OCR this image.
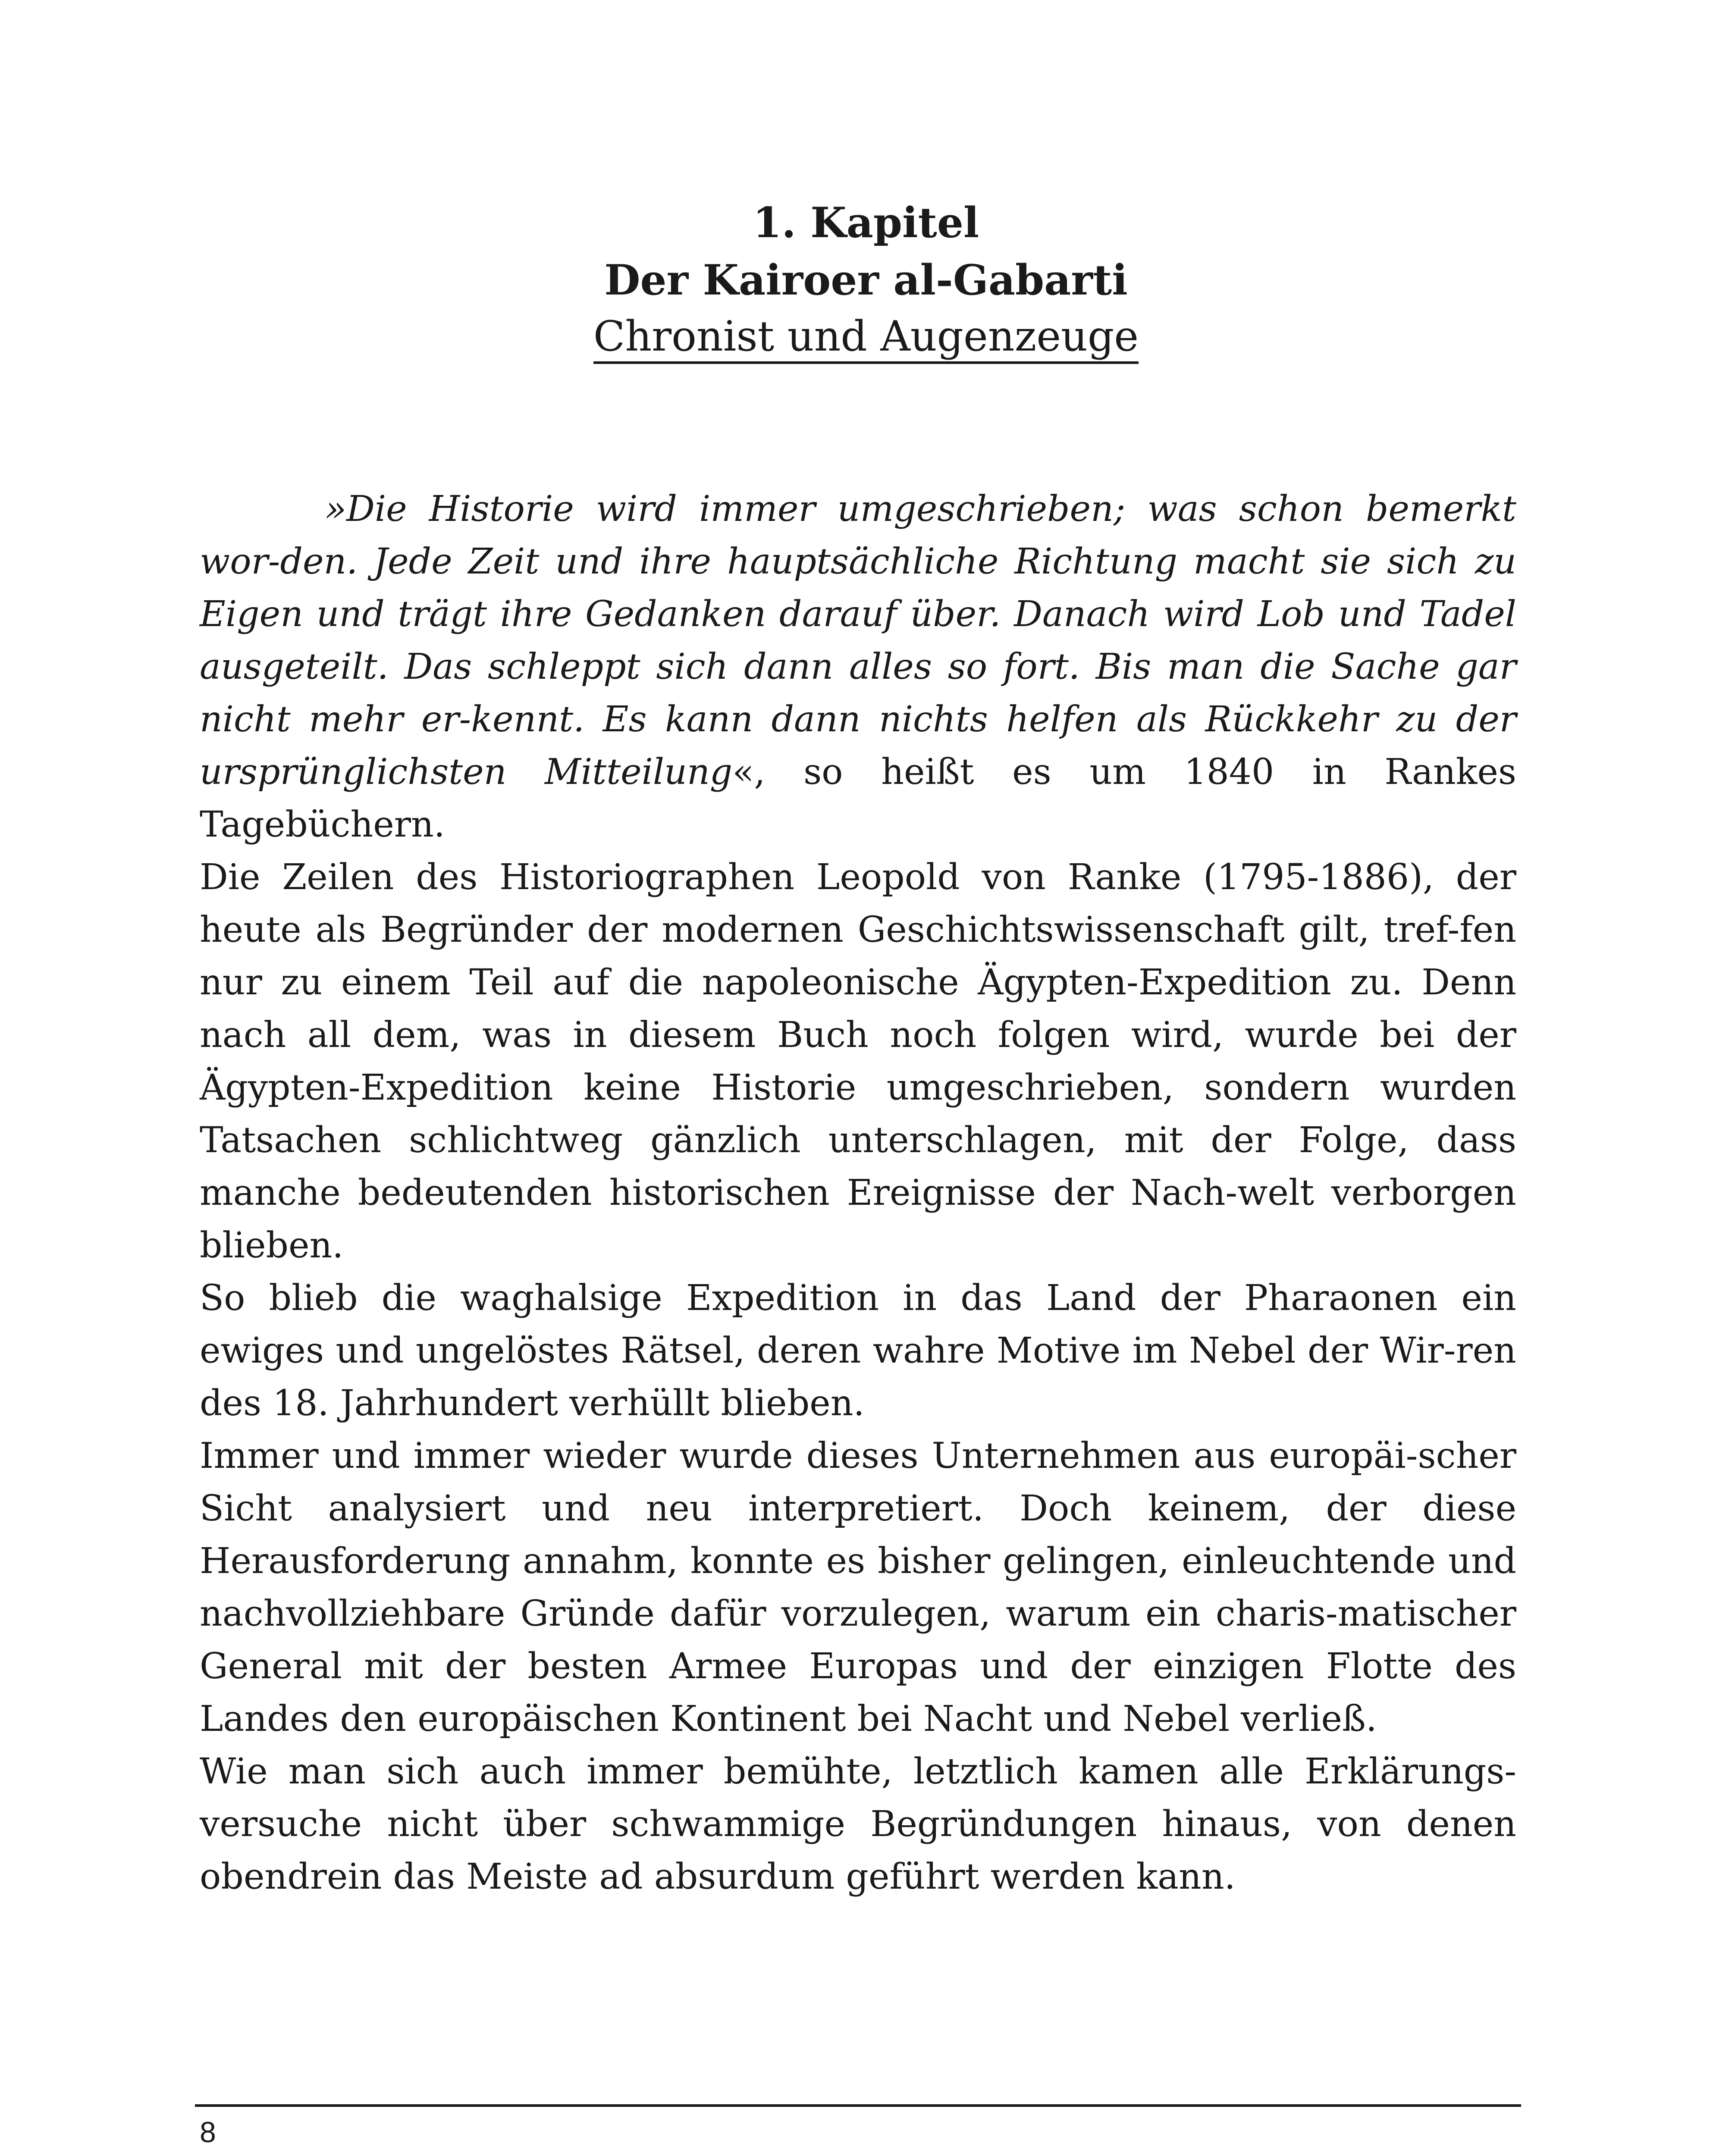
1. Kapitel
Der Kairoer al-Gabarti
Chronist und Augenzeuge

»Die Historie wird immer umgeschrieben; was schon bemerkt wor-den. Jede Zeit und ihre hauptsächliche Richtung macht sie sich zu Eigen und trägt ihre Gedanken darauf über. Danach wird Lob und Tadel ausgeteilt. Das schleppt sich dann alles so fort. Bis man die Sache gar nicht mehr er-kennt. Es kann dann nichts helfen als Rückkehr zu der ursprünglichsten Mitteilung«, so heißt es um 1840 in Rankes Tagebüchern.

Die Zeilen des Historiographen Leopold von Ranke (1795-1886), der heute als Begründer der modernen Geschichtswissenschaft gilt, tref-fen nur zu einem Teil auf die napoleonische Ägypten-Expedition zu. Denn nach all dem, was in diesem Buch noch folgen wird, wurde bei der Ägypten-Expedition keine Historie umgeschrieben, sondern wurden Tatsachen schlichtweg gänzlich unterschlagen, mit der Folge, dass manche bedeutenden historischen Ereignisse der Nach-welt verborgen blieben.

So blieb die waghalsige Expedition in das Land der Pharaonen ein ewiges und ungelöstes Rätsel, deren wahre Motive im Nebel der Wir-ren des 18. Jahrhundert verhüllt blieben.

Immer und immer wieder wurde dieses Unternehmen aus europäi-scher Sicht analysiert und neu interpretiert. Doch keinem, der diese Herausforderung annahm, konnte es bisher gelingen, einleuchtende und nachvollziehbare Gründe dafür vorzulegen, warum ein charis-matischer General mit der besten Armee Europas und der einzigen Flotte des Landes den europäischen Kontinent bei Nacht und Nebel verließ.

Wie man sich auch immer bemühte, letztlich kamen alle Erklärungs-versuche nicht über schwammige Begründungen hinaus, von denen obendrein das Meiste ad absurdum geführt werden kann.

8
